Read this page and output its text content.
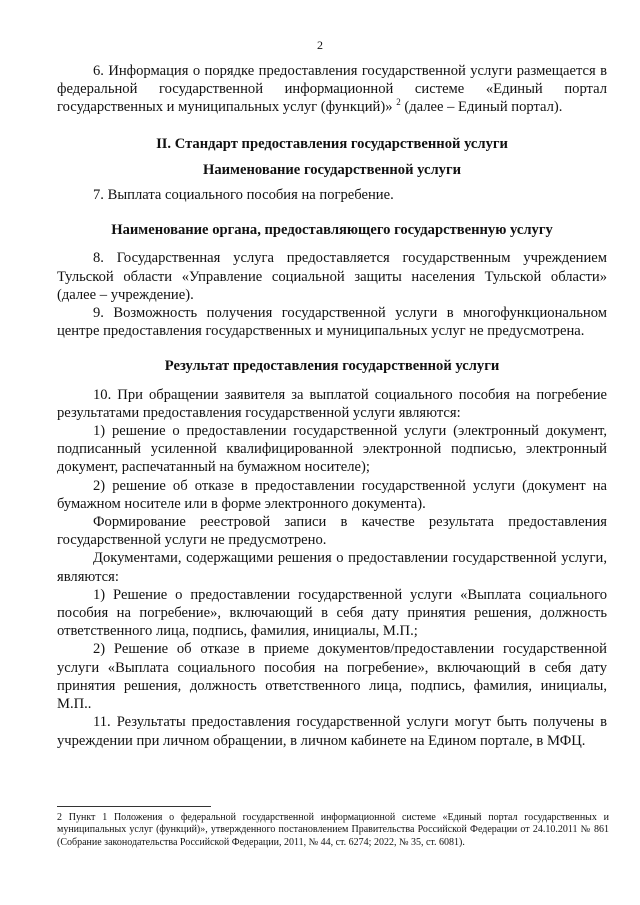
2

6. Информация о порядке предоставления государственной услуги размещается в федеральной государственной информационной системе «Единый портал государственных и муниципальных услуг (функций)» $^2$ (далее – Единый портал).

II. Стандарт предоставления государственной услуги
Наименование государственной услуги

7. Выплата социального пособия на погребение.

Наименование органа, предоставляющего государственную услугу

8. Государственная услуга предоставляется государственным учреждением Тульской области «Управление социальной защиты населения Тульской области» (далее – учреждение).

9. Возможность получения государственной услуги в многофункциональном центре предоставления государственных и муниципальных услуг не предусмотрена.

Результат предоставления государственной услуги

10. При обращении заявителя за выплатой социального пособия на погребение результатами предоставления государственной услуги являются:

1) решение о предоставлении государственной услуги (электронный документ, подписанный усиленной квалифицированной электронной подписью, электронный документ, распечатанный на бумажном носителе);

2) решение об отказе в предоставлении государственной услуги (документ на бумажном носителе или в форме электронного документа).

Формирование реестровой записи в качестве результата предоставления государственной услуги не предусмотрено.

Документами, содержащими решения о предоставлении государственной услуги, являются:

1) Решение о предоставлении государственной услуги «Выплата социального пособия на погребение», включающий в себя дату принятия решения, должность ответственного лица, подпись, фамилия, инициалы, М.П.;

2) Решение об отказе в приеме документов/предоставлении государственной услуги «Выплата социального пособия на погребение», включающий в себя дату принятия решения, должность ответственного лица, подпись, фамилия, инициалы, М.П..

11. Результаты предоставления государственной услуги могут быть получены в учреждении при личном обращении, в личном кабинете на Едином портале, в МФЦ.

2 Пункт 1 Положения о федеральной государственной информационной системе «Единый портал государственных и муниципальных услуг (функций)», утвержденного постановлением Правительства Российской Федерации от 24.10.2011 № 861 (Собрание законодательства Российской Федерации, 2011, № 44, ст. 6274; 2022, № 35, ст. 6081).
